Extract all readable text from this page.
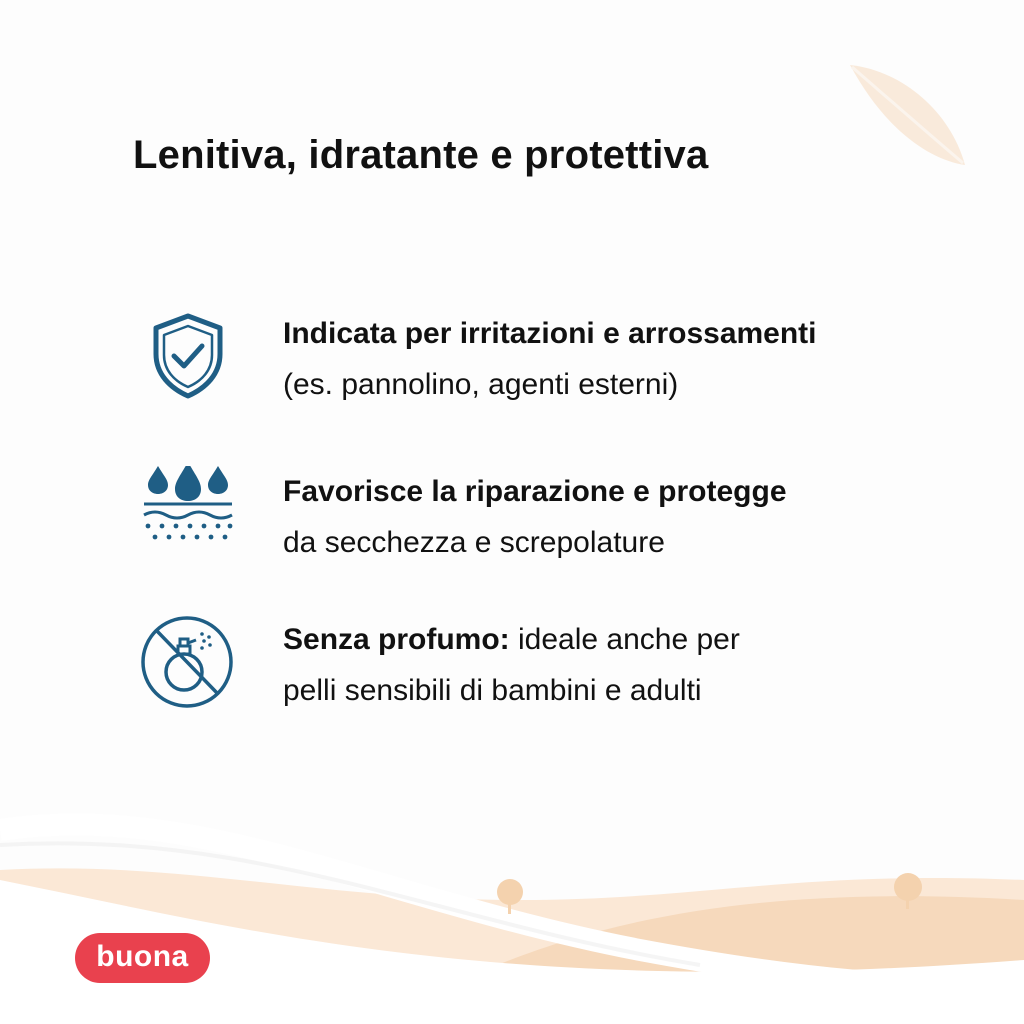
Lenitiva, idratante e protettiva
Indicata per irritazioni e arrossamenti
(es. pannolino, agenti esterni)
Favorisce la riparazione e protegge
da secchezza e screpolature
Senza profumo: ideale anche per
pelli sensibili di bambini e adulti
buona
